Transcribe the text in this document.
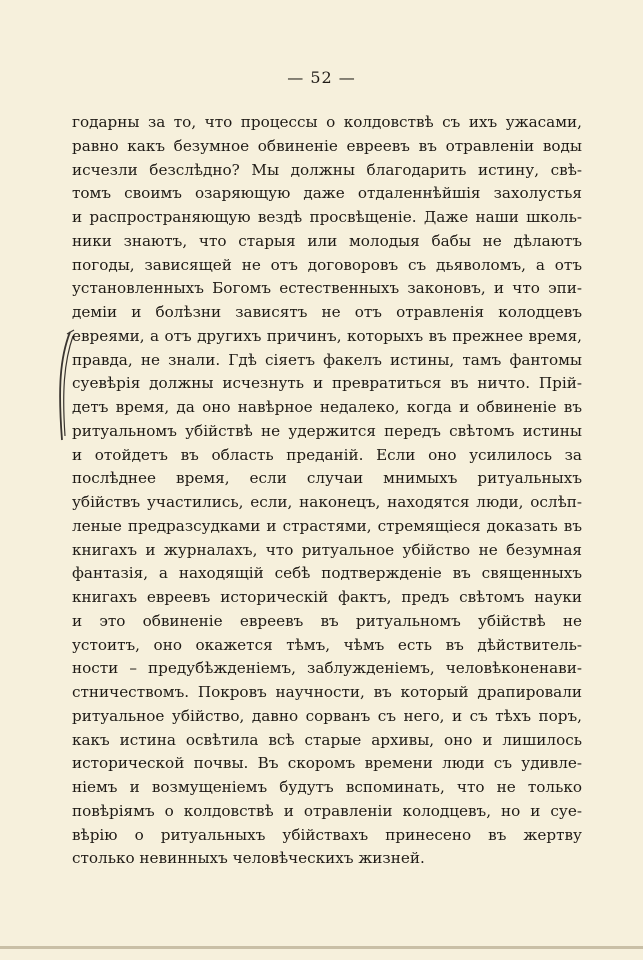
— 52 —
годарны за то, что процессы о колдовствѣ съ ихъ ужасами,
равно какъ безумное обвиненіе евреевъ въ отравленіи воды
исчезли безслѣдно? Мы должны благодарить истину, свѣ-
томъ своимъ озаряющую даже отдаленнѣйшія захолустья
и распространяющую вездѣ просвѣщеніе. Даже наши школь-
ники знаютъ, что старыя или молодыя бабы не дѣлаютъ
погоды, зависящей не отъ договоровъ съ дьяволомъ, а отъ
установленныхъ Богомъ естественныхъ законовъ, и что эпи-
деміи и болѣзни зависятъ не отъ отравленія колодцевъ
евреями, а отъ другихъ причинъ, которыхъ въ прежнее время,
правда, не знали. Гдѣ сіяетъ факелъ истины, тамъ фантомы
суевѣрія должны исчезнуть и превратиться въ ничто. Прій-
детъ время, да оно навѣрное недалеко, когда и обвиненіе въ
ритуальномъ убійствѣ не удержится передъ свѣтомъ истины
и отойдетъ въ область преданій. Если оно усилилось за
послѣднее время, если случаи мнимыхъ ритуальныхъ
убійствъ участились, если, наконецъ, находятся люди, ослѣп-
леные предразсудками и страстями, стремящіеся доказать въ
книгахъ и журналахъ, что ритуальное убійство не безумная
фантазія, а находящій себѣ подтвержденіе въ священныхъ
книгахъ евреевъ историческій фактъ, предъ свѣтомъ науки
и это обвиненіе евреевъ въ ритуальномъ убійствѣ не
устоитъ, оно окажется тѣмъ, чѣмъ есть въ дѣйствитель-
ности – предубѣжденіемъ, заблужденіемъ, человѣконенави-
стничествомъ. Покровъ научности, въ который драпировали
ритуальное убійство, давно сорванъ съ него, и съ тѣхъ поръ,
какъ истина освѣтила всѣ старые архивы, оно и лишилось
исторической почвы. Въ скоромъ времени люди съ удивле-
ніемъ и возмущеніемъ будутъ вспоминать, что не только
повѣріямъ о колдовствѣ и отравленіи колодцевъ, но и суе-
вѣрію о ритуальныхъ убійствахъ принесено въ жертву
столько невинныхъ человѣческихъ жизней.
